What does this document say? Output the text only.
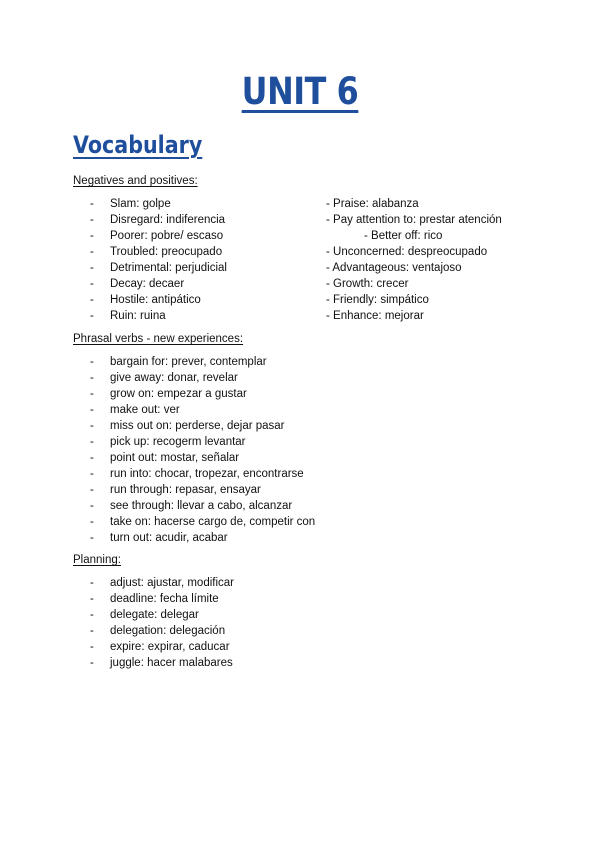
UNIT 6
Vocabulary
Negatives and positives:
- Slam: golpe
- Disregard: indiferencia
- Poorer: pobre/ escaso
- Troubled: preocupado
- Detrimental: perjudicial
- Decay: decaer
- Hostile: antipático
- Ruin: ruina
- Praise: alabanza
- Pay attention to: prestar atención
- Better off: rico
- Unconcerned: despreocupado
- Advantageous: ventajoso
- Growth: crecer
- Friendly: simpático
- Enhance: mejorar
Phrasal verbs - new experiences:
- bargain for: prever, contemplar
- give away: donar, revelar
- grow on: empezar a gustar
- make out: ver
- miss out on: perderse, dejar pasar
- pick up: recogerm levantar
- point out: mostar, señalar
- run into: chocar, tropezar, encontrarse
- run through: repasar, ensayar
- see through: llevar a cabo, alcanzar
- take on: hacerse cargo de, competir con
- turn out: acudir, acabar
Planning:
- adjust: ajustar, modificar
- deadline: fecha límite
- delegate: delegar
- delegation: delegación
- expire: expirar, caducar
- juggle: hacer malabares
